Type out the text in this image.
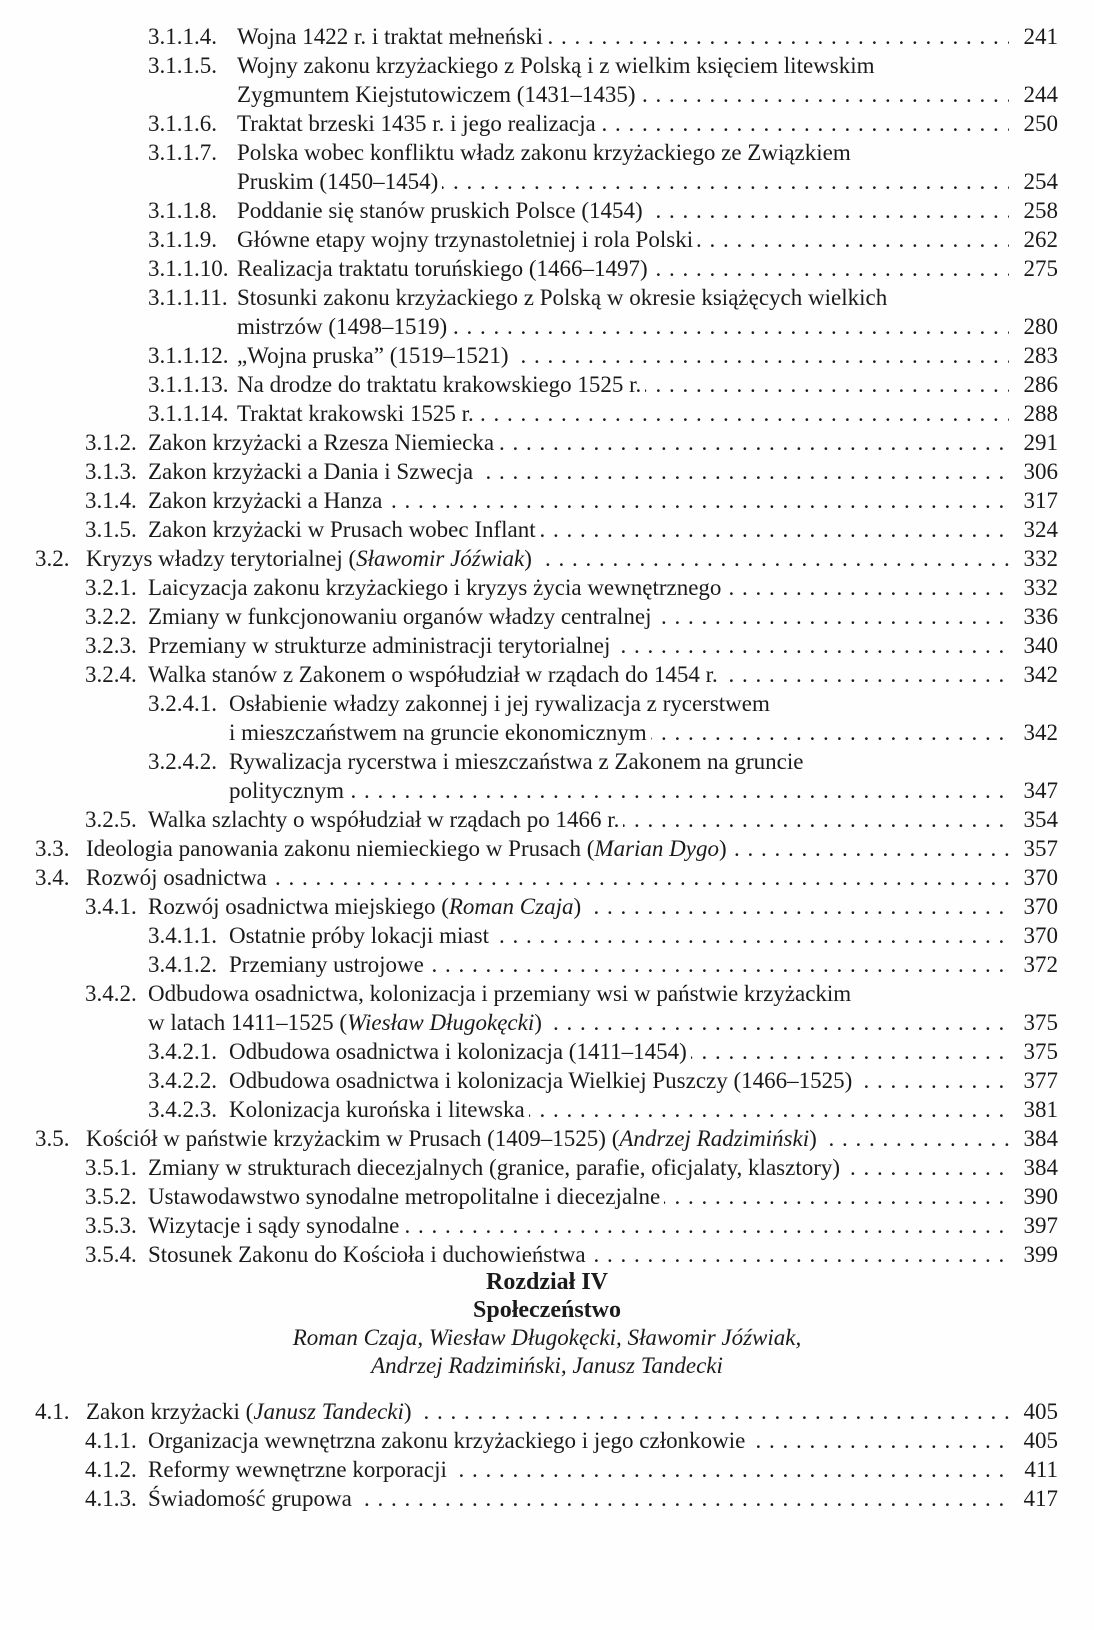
3.1.1.4. Wojna 1422 r. i traktat mełneński . . .	241
3.1.1.5. Wojny zakonu krzyżackiego z Polską i z wielkim księciem litewskim
Zygmuntem Kiejstutowiczem (1431–1435) . . .	244
3.1.1.6. Traktat brzeski 1435 r. i jego realizacja . . .	250
3.1.1.7. Polska wobec konfliktu władz zakonu krzyżackiego ze Związkiem
Pruskim (1450–1454) . . .	254
3.1.1.8. Poddanie się stanów pruskich Polsce (1454) . . .	258
3.1.1.9. Główne etapy wojny trzynastoletniej i rola Polski . . .	262
3.1.1.10. Realizacja traktatu toruńskiego (1466–1497) . . .	275
3.1.1.11. Stosunki zakonu krzyżackiego z Polską w okresie książęcych wielkich
mistrzów (1498–1519) . . .	280
3.1.1.12. „Wojna pruska” (1519–1521) . . .	283
3.1.1.13. Na drodze do traktatu krakowskiego 1525 r. . . .	286
3.1.1.14. Traktat krakowski 1525 r. . . .	288
3.1.2. Zakon krzyżacki a Rzesza Niemiecka . . .	291
3.1.3. Zakon krzyżacki a Dania i Szwecja . . .	306
3.1.4. Zakon krzyżacki a Hanza . . .	317
3.1.5. Zakon krzyżacki w Prusach wobec Inflant . . .	324
3.2. Kryzys władzy terytorialnej (Sławomir Jóźwiak) . . .	332
3.2.1. Laicyzacja zakonu krzyżackiego i kryzys życia wewnętrznego . . .	332
3.2.2. Zmiany w funkcjonowaniu organów władzy centralnej . . .	336
3.2.3. Przemiany w strukturze administracji terytorialnej . . .	340
3.2.4. Walka stanów z Zakonem o współudział w rządach do 1454 r. . . .	342
3.2.4.1. Osłabienie władzy zakonnej i jej rywalizacja z rycerstwem
i mieszczaństwem na gruncie ekonomicznym . . .	342
3.2.4.2. Rywalizacja rycerstwa i mieszczaństwa z Zakonem na gruncie
politycznym . . .	347
3.2.5. Walka szlachty o współudział w rządach po 1466 r. . . .	354
3.3. Ideologia panowania zakonu niemieckiego w Prusach (Marian Dygo) . . .	357
3.4. Rozwój osadnictwa . . .	370
3.4.1. Rozwój osadnictwa miejskiego (Roman Czaja) . . .	370
3.4.1.1. Ostatnie próby lokacji miast . . .	370
3.4.1.2. Przemiany ustrojowe . . .	372
3.4.2. Odbudowa osadnictwa, kolonizacja i przemiany wsi w państwie krzyżackim
w latach 1411–1525 (Wiesław Długokęcki) . . .	375
3.4.2.1. Odbudowa osadnictwa i kolonizacja (1411–1454) . . .	375
3.4.2.2. Odbudowa osadnictwa i kolonizacja Wielkiej Puszczy (1466–1525) . . .	377
3.4.2.3. Kolonizacja kurońska i litewska . . .	381
3.5. Kościół w państwie krzyżackim w Prusach (1409–1525) (Andrzej Radzimiński) . . .	384
3.5.1. Zmiany w strukturach diecezjalnych (granice, parafie, oficjalaty, klasztory) . . .	384
3.5.2. Ustawodawstwo synodalne metropolitalne i diecezjalne . . .	390
3.5.3. Wizytacje i sądy synodalne . . .	397
3.5.4. Stosunek Zakonu do Kościoła i duchowieństwa . . .	399
Rozdział IV
Społeczeństwo
Roman Czaja, Wiesław Długokęcki, Sławomir Jóźwiak,
Andrzej Radzimiński, Janusz Tandecki
4.1. Zakon krzyżacki (Janusz Tandecki) . . .	405
4.1.1. Organizacja wewnętrzna zakonu krzyżackiego i jego członkowie . . .	405
4.1.2. Reformy wewnętrzne korporacji . . .	411
4.1.3. Świadomość grupowa . . .	417
